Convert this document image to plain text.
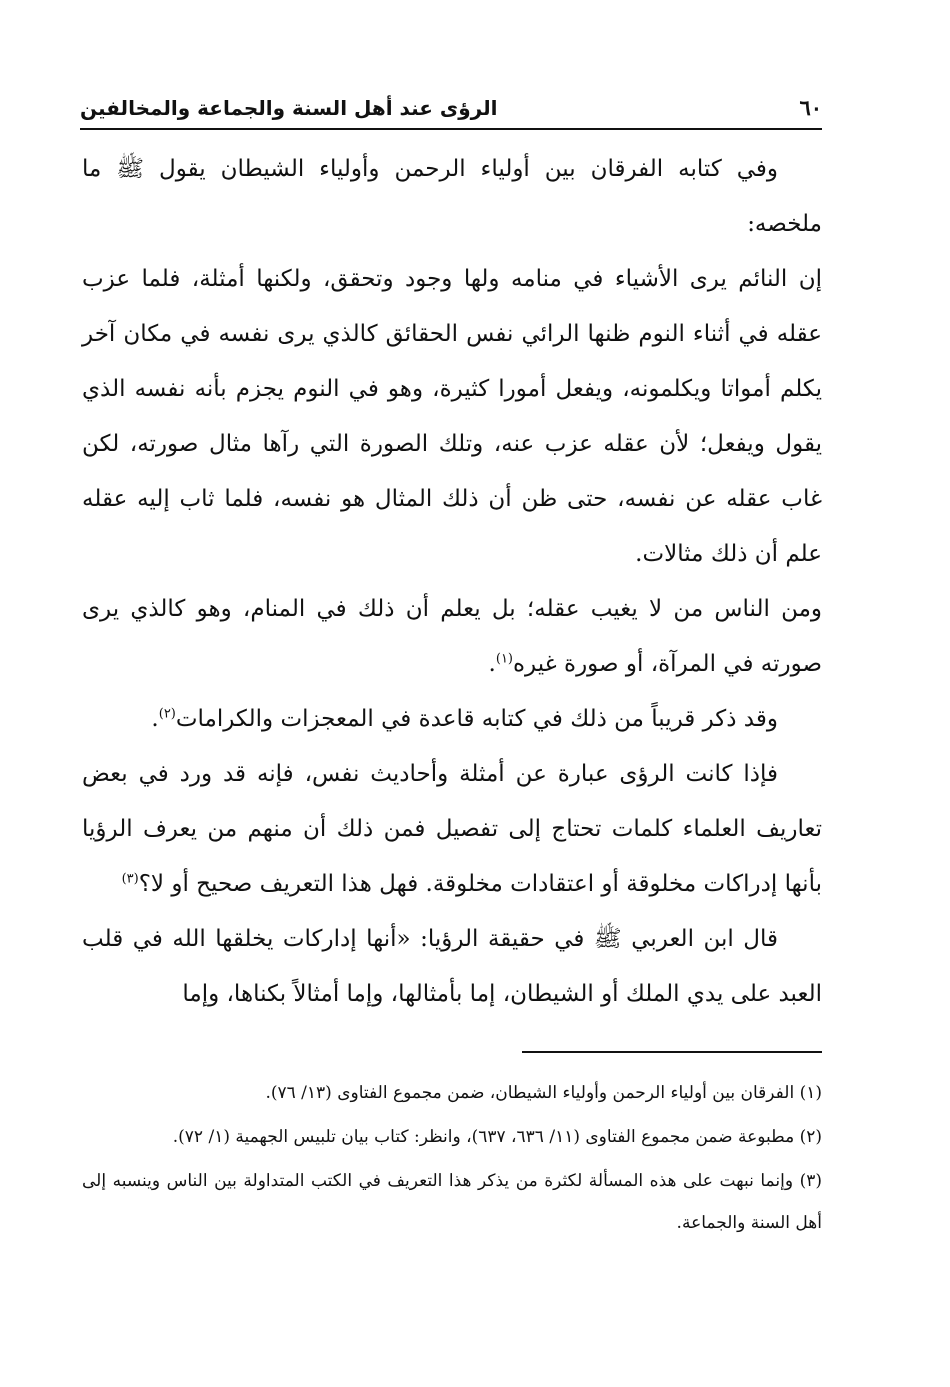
٦٠
الرؤى عند أهل السنة والجماعة والمخالفين

وفي كتابه الفرقان بين أولياء الرحمن وأولياء الشيطان يقول ﷺ ما ملخصه:

إن النائم يرى الأشياء في منامه ولها وجود وتحقق، ولكنها أمثلة، فلما عزب عقله في أثناء النوم ظنها الرائي نفس الحقائق كالذي يرى نفسه في مكان آخر يكلم أمواتا ويكلمونه، ويفعل أمورا كثيرة، وهو في النوم يجزم بأنه نفسه الذي يقول ويفعل؛ لأن عقله عزب عنه، وتلك الصورة التي رآها مثال صورته، لكن غاب عقله عن نفسه، حتى ظن أن ذلك المثال هو نفسه، فلما ثاب إليه عقله علم أن ذلك مثالات.

ومن الناس من لا يغيب عقله؛ بل يعلم أن ذلك في المنام، وهو كالذي يرى صورته في المرآة، أو صورة غيره$^{(١)}$.

وقد ذكر قريباً من ذلك في كتابه قاعدة في المعجزات والكرامات$^{(٢)}$.

فإذا كانت الرؤى عبارة عن أمثلة وأحاديث نفس، فإنه قد ورد في بعض تعاريف العلماء كلمات تحتاج إلى تفصيل فمن ذلك أن منهم من يعرف الرؤيا بأنها إدراكات مخلوقة أو اعتقادات مخلوقة. فهل هذا التعريف صحيح أو لا؟$^{(٣)}$

قال ابن العربي ﷺ في حقيقة الرؤيا: «أنها إداركات يخلقها الله في قلب العبد على يدي الملك أو الشيطان، إما بأمثالها، وإما أمثالاً بكناها، وإما

(١) الفرقان بين أولياء الرحمن وأولياء الشيطان، ضمن مجموع الفتاوى (١٣/ ٧٦).

(٢) مطبوعة ضمن مجموع الفتاوى (١١/ ٦٣٦، ٦٣٧)، وانظر: كتاب بيان تلبيس الجهمية (١/ ٧٢).

(٣) وإنما نبهت على هذه المسألة لكثرة من يذكر هذا التعريف في الكتب المتداولة بين الناس وينسبه إلى أهل السنة والجماعة.
